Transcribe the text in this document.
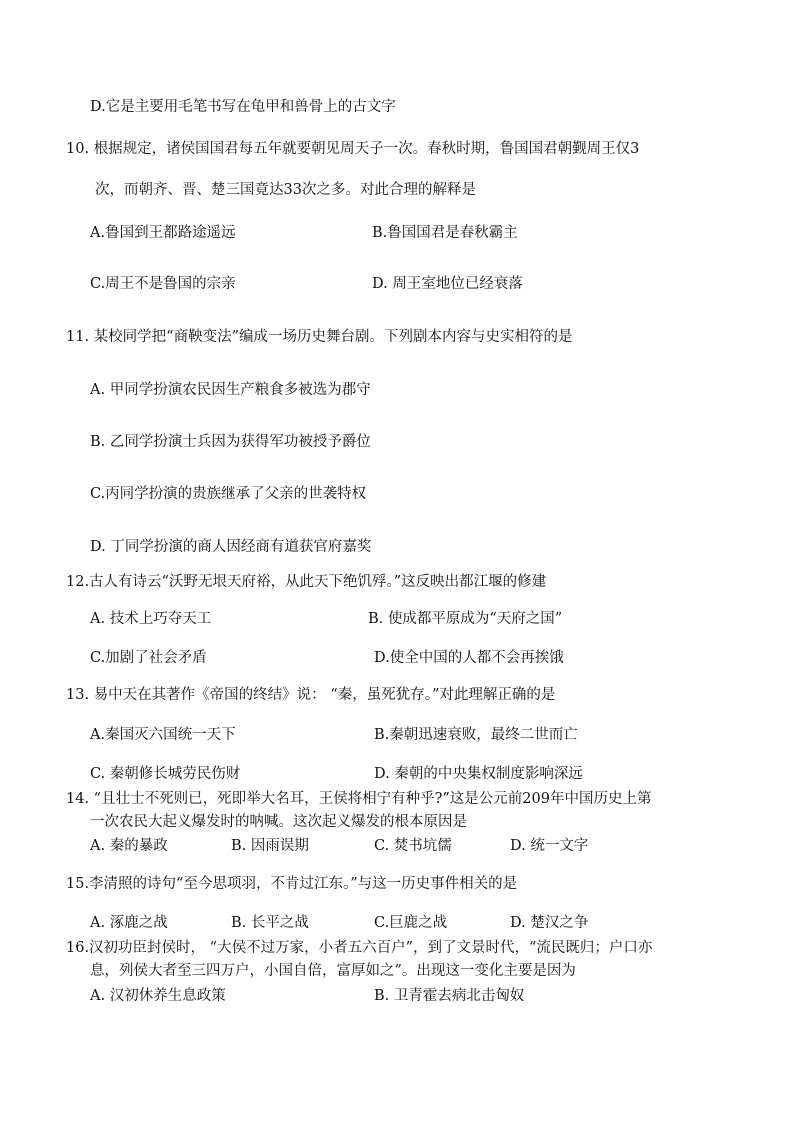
D.它是主要用毛笔书写在龟甲和兽骨上的古文字
10. 根据规定，诸侯国国君每五年就要朝见周天子一次。春秋时期，鲁国国君朝觐周王仅3
次，而朝齐、晋、楚三国竟达33次之多。对此合理的解释是
A.鲁国到王都路途遥远	B.鲁国国君是春秋霸主
C.周王不是鲁国的宗亲	D. 周王室地位已经衰落
11. 某校同学把“商鞅变法”编成一场历史舞台剧。下列剧本内容与史实相符的是
A. 甲同学扮演农民因生产粮食多被选为郡守
B. 乙同学扮演士兵因为获得军功被授予爵位
C.丙同学扮演的贵族继承了父亲的世袭特权
D. 丁同学扮演的商人因经商有道获官府嘉奖
12.古人有诗云“沃野无垠天府裕，从此天下绝饥殍。”这反映出都江堰的修建
A. 技术上巧夺天工	B. 使成都平原成为“天府之国”
C.加剧了社会矛盾	D.使全中国的人都不会再挨饿
13. 易中天在其著作《帝国的终结》说： “秦，虽死犹存。”对此理解正确的是
A.秦国灭六国统一天下	B.秦朝迅速衰败，最终二世而亡
C. 秦朝修长城劳民伤财	D. 秦朝的中央集权制度影响深远
14. “且壮士不死则已，死即举大名耳，王侯将相宁有种乎?”这是公元前209年中国历史上第
一次农民大起义爆发时的呐喊。这次起义爆发的根本原因是
A. 秦的暴政	B. 因雨误期	C. 焚书坑儒	D. 统一文字
15.李清照的诗句“至今思项羽，不肯过江东。”与这一历史事件相关的是
A. 涿鹿之战	B. 长平之战	C.巨鹿之战	D. 楚汉之争
16.汉初功臣封侯时， “大侯不过万家，小者五六百户”，到了文景时代，“流民既归；户口亦
息，列侯大者至三四万户，小国自倍，富厚如之”。出现这一变化主要是因为
A. 汉初休养生息政策	B. 卫青霍去病北击匈奴
